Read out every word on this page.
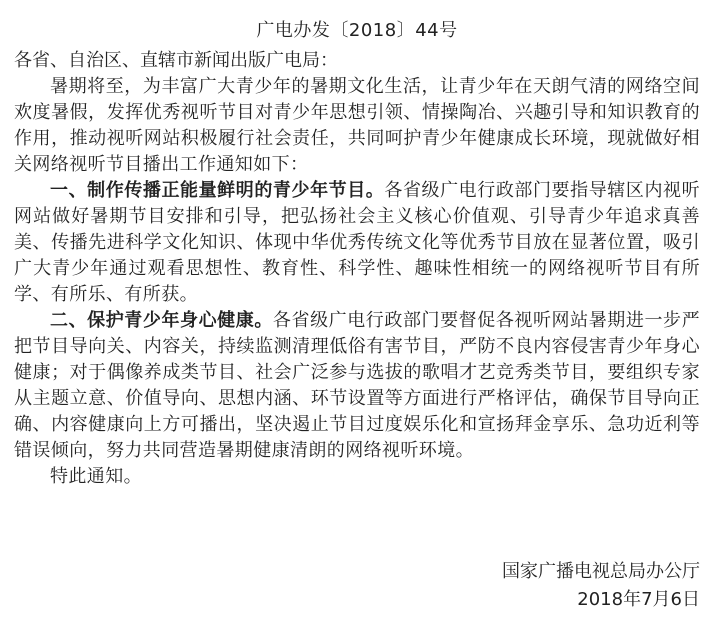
广电办发〔2018〕44号

各省、自治区、直辖市新闻出版广电局：

暑期将至，为丰富广大青少年的暑期文化生活，让青少年在天朗气清的网络空间欢度暑假，发挥优秀视听节目对青少年思想引领、情操陶冶、兴趣引导和知识教育的作用，推动视听网站积极履行社会责任，共同呵护青少年健康成长环境，现就做好相关网络视听节目播出工作通知如下：

一、制作传播正能量鲜明的青少年节目。各省级广电行政部门要指导辖区内视听网站做好暑期节目安排和引导，把弘扬社会主义核心价值观、引导青少年追求真善美、传播先进科学文化知识、体现中华优秀传统文化等优秀节目放在显著位置，吸引广大青少年通过观看思想性、教育性、科学性、趣味性相统一的网络视听节目有所学、有所乐、有所获。

二、保护青少年身心健康。各省级广电行政部门要督促各视听网站暑期进一步严把节目导向关、内容关，持续监测清理低俗有害节目，严防不良内容侵害青少年身心健康；对于偶像养成类节目、社会广泛参与选拔的歌唱才艺竞秀类节目，要组织专家从主题立意、价值导向、思想内涵、环节设置等方面进行严格评估，确保节目导向正确、内容健康向上方可播出，坚决遏止节目过度娱乐化和宣扬拜金享乐、急功近利等错误倾向，努力共同营造暑期健康清朗的网络视听环境。

特此通知。

国家广播电视总局办公厅
2018年7月6日
